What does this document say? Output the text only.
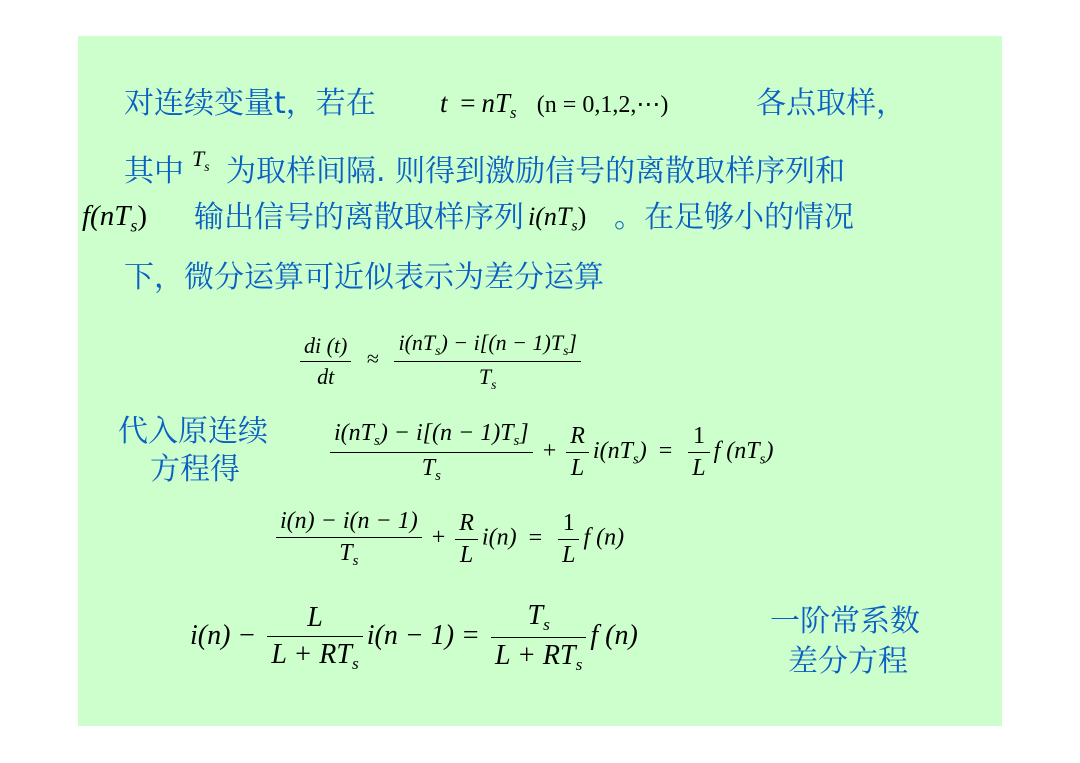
对连续变量t，若在 $t = nT_s$ (n = 0,1,2,⋯)	各点取样，
其中 $T_s$ 为取样间隔. 则得到激励信号的离散取样序列和
$f(nT_s)$ 输出信号的离散取样序列 $i(nT_s)$ 。在足够小的情况
下，微分运算可近似表示为差分运算
$\frac{di (t)}{dt} \approx \frac{i(nT_s) - i[(n - 1)T_s]}{T_s}$
代入原连续
方程得	$\frac{i(nT_s) - i[(n - 1)T_s]}{T_s} + \frac{R}{L} i(nT_s) = \frac{1}{L}$ f $(nT_s)$
$\frac{i(n) - i(n - 1)}{T_s} + \frac{R}{L} i(n) = \frac{1}{L}$ f (n)
$i(n) - \frac{L}{L + RT_s} i(n - 1) = \frac{T_s}{L + RT_s}$ f (n)	一阶常系数
差分方程
